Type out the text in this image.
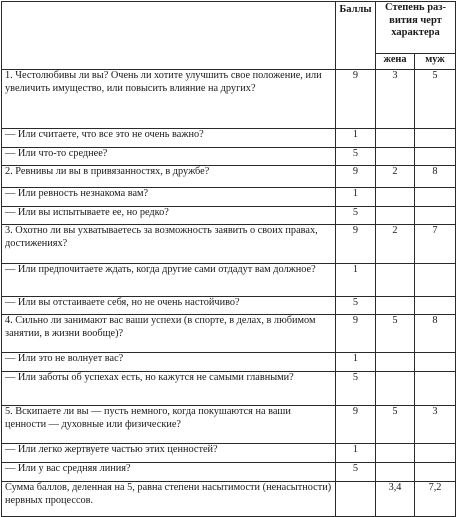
	Баллы	Степень раз-
вития черт
характера	
		жена	муж
1. Честолюбивы ли вы? Очень ли хотите улучшить свое положение, или увеличить имущество, или повысить влияние на других?	9	3	5
— Или считаете, что все это не очень важно?	1		
— Или что-то среднее?	5		
2. Ревнивы ли вы в привязанностях, в дружбе?	9	2	8
— Или ревность незнакома вам?	1		
— Или вы испытываете ее, но редко?	5		
3. Охотно ли вы ухватываетесь за возможность заявить о своих правах, достижениях?	9	2	7
— Или предпочитаете ждать, когда другие сами отдадут вам должное?	1		
— Или вы отстаиваете себя, но не очень настойчиво?	5		
4. Сильно ли занимают вас ваши успехи (в спорте, в делах, в любимом занятии, в жизни вообще)?	9	5	8
— Или это не волнует вас?	1		
— Или заботы об успехах есть, но кажутся не самыми главными?	5		
5. Вскипаете ли вы — пусть немного, когда покушаются на ваши ценности — духовные или физические?	9	5	3
— Или легко жертвуете частью этих ценностей?	1		
— Или у вас средняя линия?	5		
Сумма баллов, деленная на 5, равна степени насытимости (ненасытности) нервных процессов.		3,4	7,2
